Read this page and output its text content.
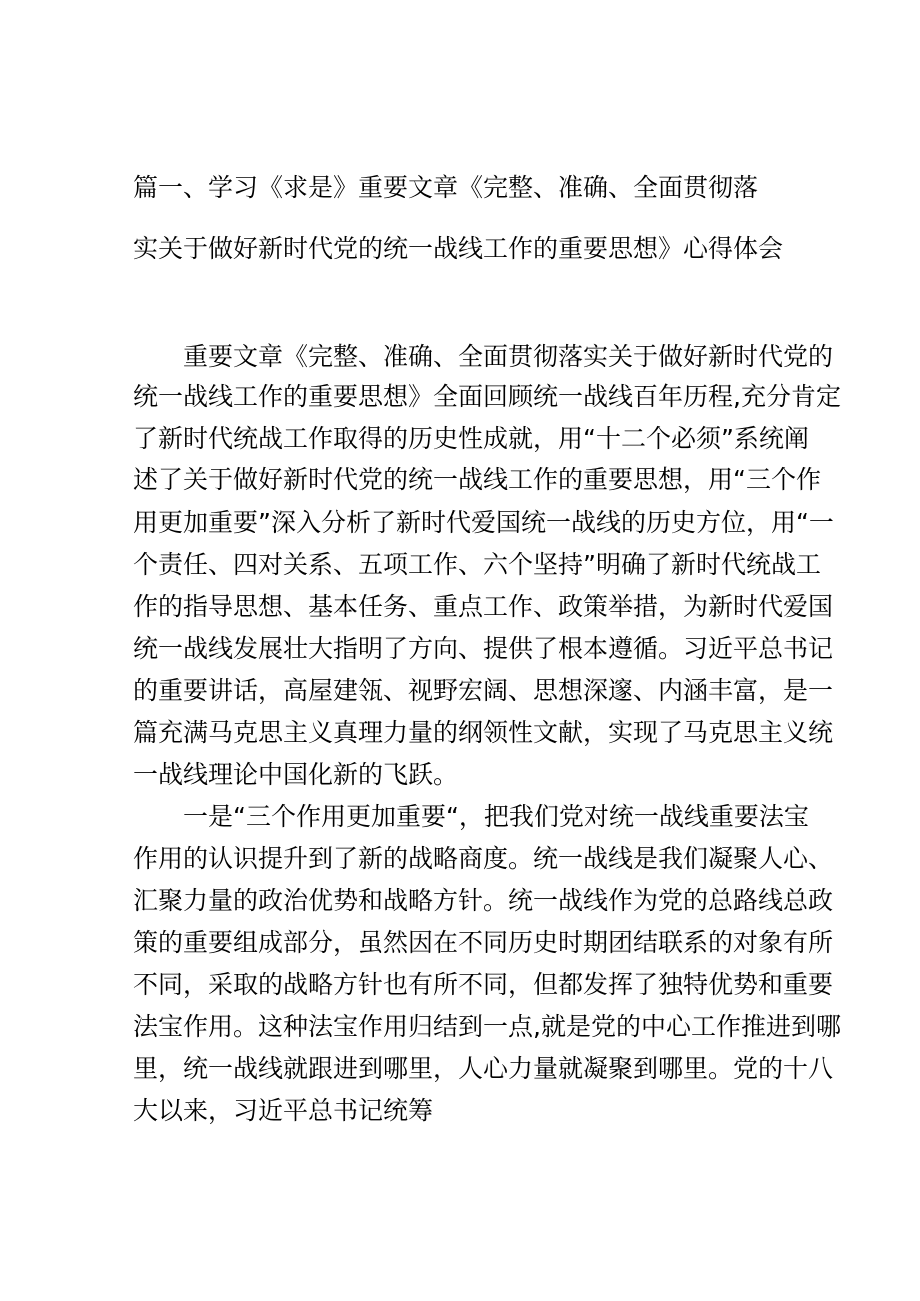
篇一、学习《求是》重要文章《完整、准确、全面贯彻落
实关于做好新时代党的统一战线工作的重要思想》心得体会

重要文章《完整、准确、全面贯彻落实关于做好新时代党的

统一战线工作的重要思想》全面回顾统一战线百年历程,充分肯定

了新时代统战工作取得的历史性成就，用“十二个必须”系统阐

述了关于做好新时代党的统一战线工作的重要思想，用“三个作

用更加重要”深入分析了新时代爱国统一战线的历史方位，用“一

个责任、四对关系、五项工作、六个坚持”明确了新时代统战工

作的指导思想、基本任务、重点工作、政策举措，为新时代爱国

统一战线发展壮大指明了方向、提供了根本遵循。习近平总书记

的重要讲话，高屋建瓴、视野宏阔、思想深邃、内涵丰富，是一

篇充满马克思主义真理力量的纲领性文献，实现了马克思主义统

一战线理论中国化新的飞跃。

一是“三个作用更加重要“，把我们党对统一战线重要法宝

作用的认识提升到了新的战略商度。统一战线是我们凝聚人心、

汇聚力量的政治优势和战略方针。统一战线作为党的总路线总政

策的重要组成部分，虽然因在不同历史时期团结联系的对象有所

不同，采取的战略方针也有所不同，但都发挥了独特优势和重要

法宝作用。这种法宝作用归结到一点,就是党的中心工作推进到哪

里，统一战线就跟进到哪里，人心力量就凝聚到哪里。党的十八

大以来，习近平总书记统筹
